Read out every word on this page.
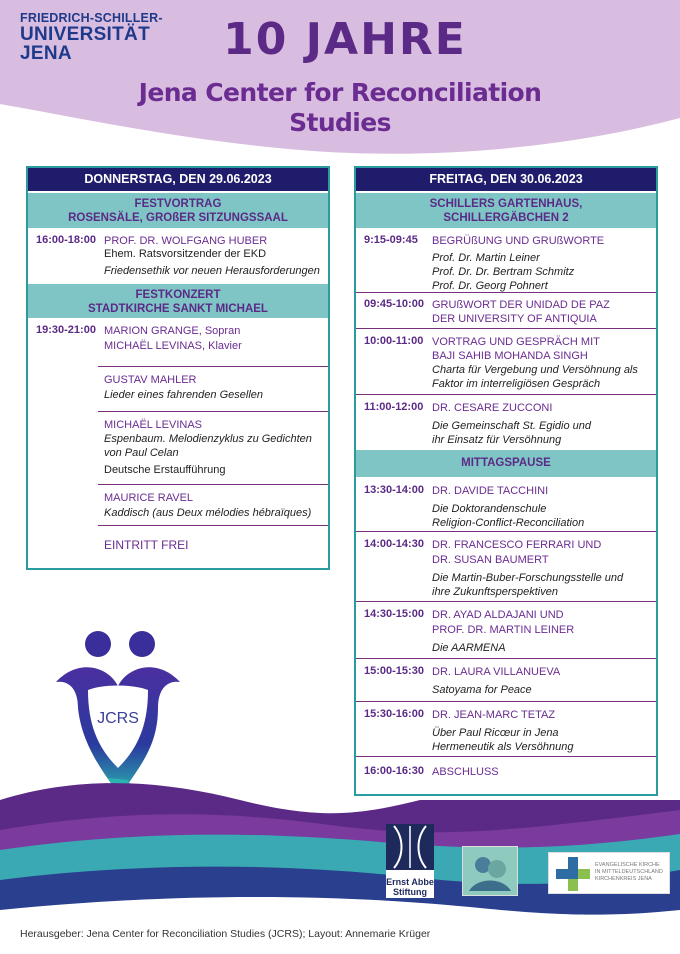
FRIEDRICH-SCHILLER-
UNIVERSITÄT
JENA	10 JAHRE
Jena Center for Reconciliation
Studies
DONNERSTAG, DEN 29.06.2023
FESTVORTRAG
ROSENSÄLE, GROßER SITZUNGSSAAL
16:00-18:00 PROF. DR. WOLFGANG HUBER
Ehem. Ratsvorsitzender der EKD
Friedensethik vor neuen Herausforderungen
FESTKONZERT
STADTKIRCHE SANKT MICHAEL
19:30-21:00 MARION GRANGE, Sopran
MICHAËL LEVINAS, Klavier
GUSTAV MAHLER
Lieder eines fahrenden Gesellen
MICHAËL LEVINAS
Espenbaum. Melodienzyklus zu Gedichten
von Paul Celan
Deutsche Erstaufführung
MAURICE RAVEL
Kaddisch (aus Deux mélodies hébraïques)
EINTRITT FREI
FREITAG, DEN 30.06.2023
SCHILLERS GARTENHAUS,
SCHILLERGÄBCHEN 2
9:15-09:45 BEGRÜßUNG UND GRUßWORTE
Prof. Dr. Martin Leiner
Prof. Dr. Dr. Bertram Schmitz
Prof. Dr. Georg Pohnert
09:45-10:00 GRUßWORT DER UNIDAD DE PAZ
DER UNIVERSITY OF ANTIQUIA
10:00-11:00 VORTRAG UND GESPRÄCH MIT
BAJI SAHIB MOHANDA SINGH
Charta für Vergebung und Versöhnung als
Faktor im interreligiösen Gespräch
11:00-12:00 DR. CESARE ZUCCONI
Die Gemeinschaft St. Egidio und
ihr Einsatz für Versöhnung
MITTAGSPAUSE
13:30-14:00 DR. DAVIDE TACCHINI
Die Doktorandenschule
Religion-Conflict-Reconciliation
14:00-14:30 DR. FRANCESCO FERRARI UND
DR. SUSAN BAUMERT
Die Martin-Buber-Forschungsstelle und
ihre Zukunftsperspektiven
14:30-15:00 DR. AYAD ALDAJANI UND
PROF. DR. MARTIN LEINER
Die AARMENA
15:00-15:30 DR. LAURA VILLANUEVA
Satoyama for Peace
15:30-16:00 DR. JEAN-MARC TETAZ
Über Paul Ricœur in Jena
Hermeneutik als Versöhnung
16:00-16:30 ABSCHLUSS
JCRS
Ernst Abbe
Stiftung
EVANGELISCHE KIRCHE
IN MITTELDEUTSCHLAND
KIRCHENKREIS JENA
Herausgeber: Jena Center for Reconciliation Studies (JCRS); Layout: Annemarie Krüger
